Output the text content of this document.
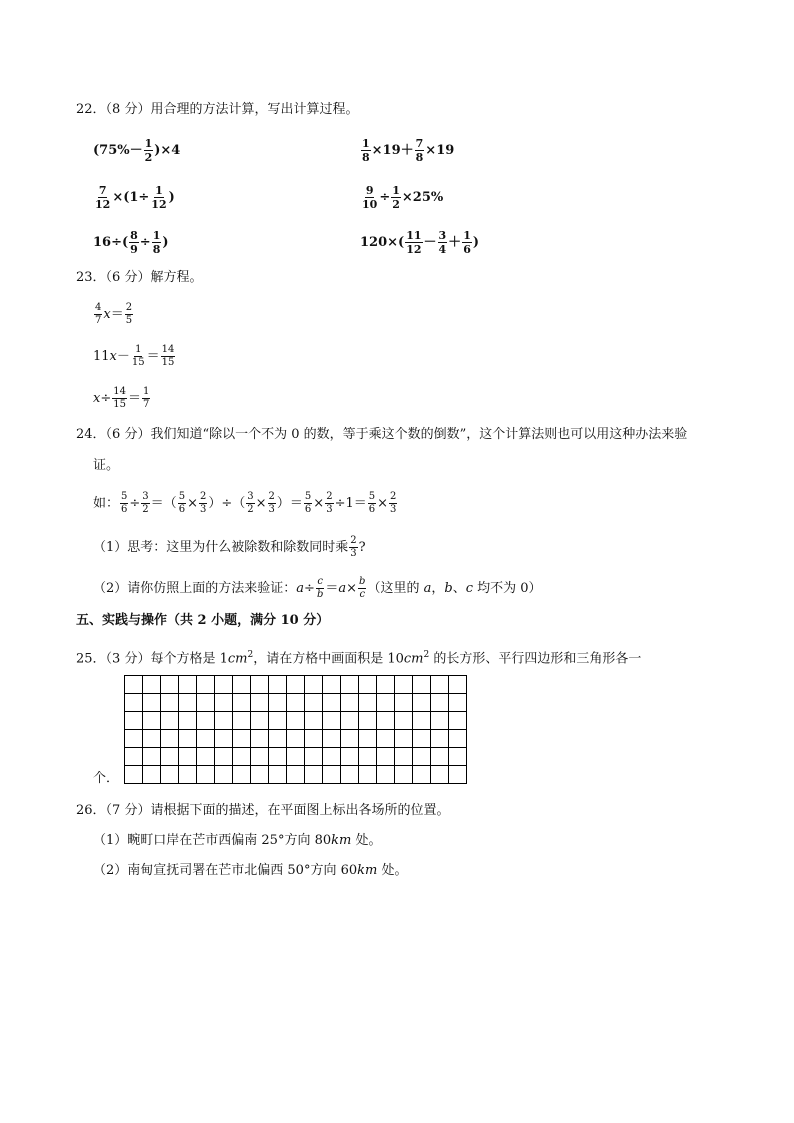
22．（8 分）用合理的方法计算，写出计算过程。
$(75\%- \frac{1}{2} )\times 4$	$\frac{1}{8} \times 19+ \frac{7}{8} \times 19$
$\frac{7}{12} \times(1\div \frac{1}{12}$ )	$\frac{9}{10} \div \frac{1}{2} \times 25\%$
$16\div( \frac{8}{9} \div \frac{1}{8}$ )	$120\times( \frac{11}{12} - \frac{3}{4} + \frac{1}{6}$ )
23．（6 分）解方程。
$\frac{4}{7} x= \frac{2}{5}$
$11x- \frac{1}{15} = \frac{14}{15}$
$x\div \frac{14}{15} = \frac{1}{7}$
24．（6 分）我们知道“除以一个不为 0 的数，等于乘这个数的倒数”，这个计算法则也可以用这种办法来验
证。
如： $\frac{5}{6} \div \frac{3}{2}$ ＝（ $\frac{5}{6} \times \frac{2}{3}$ ）÷（ $\frac{3}{2} \times \frac{2}{3}$ ）＝ $\frac{5}{6} \times \frac{2}{3} \div 1= \frac{5}{6} \times \frac{2}{3}$
（1）思考：这里为什么被除数和除数同时乘 $\frac{2}{3}$ ?
（2）请你仿照上面的方法来验证：$a\div \frac{c}{b} =a\times \frac{b}{c}$ （这里的 a，b、c 均不为 0）
五、实践与操作（共 2 小题，满分 10 分）
25．（3 分）每个方格是 $1cm^2$，请在方格中画面积是 $10cm^2$ 的长方形、平行四边形和三角形各一
个．
26．（7 分）请根据下面的描述，在平面图上标出各场所的位置。
（1）畹町口岸在芒市西偏南 25°方向 80km 处。
（2）南甸宣抚司署在芒市北偏西 50°方向 60km 处。
